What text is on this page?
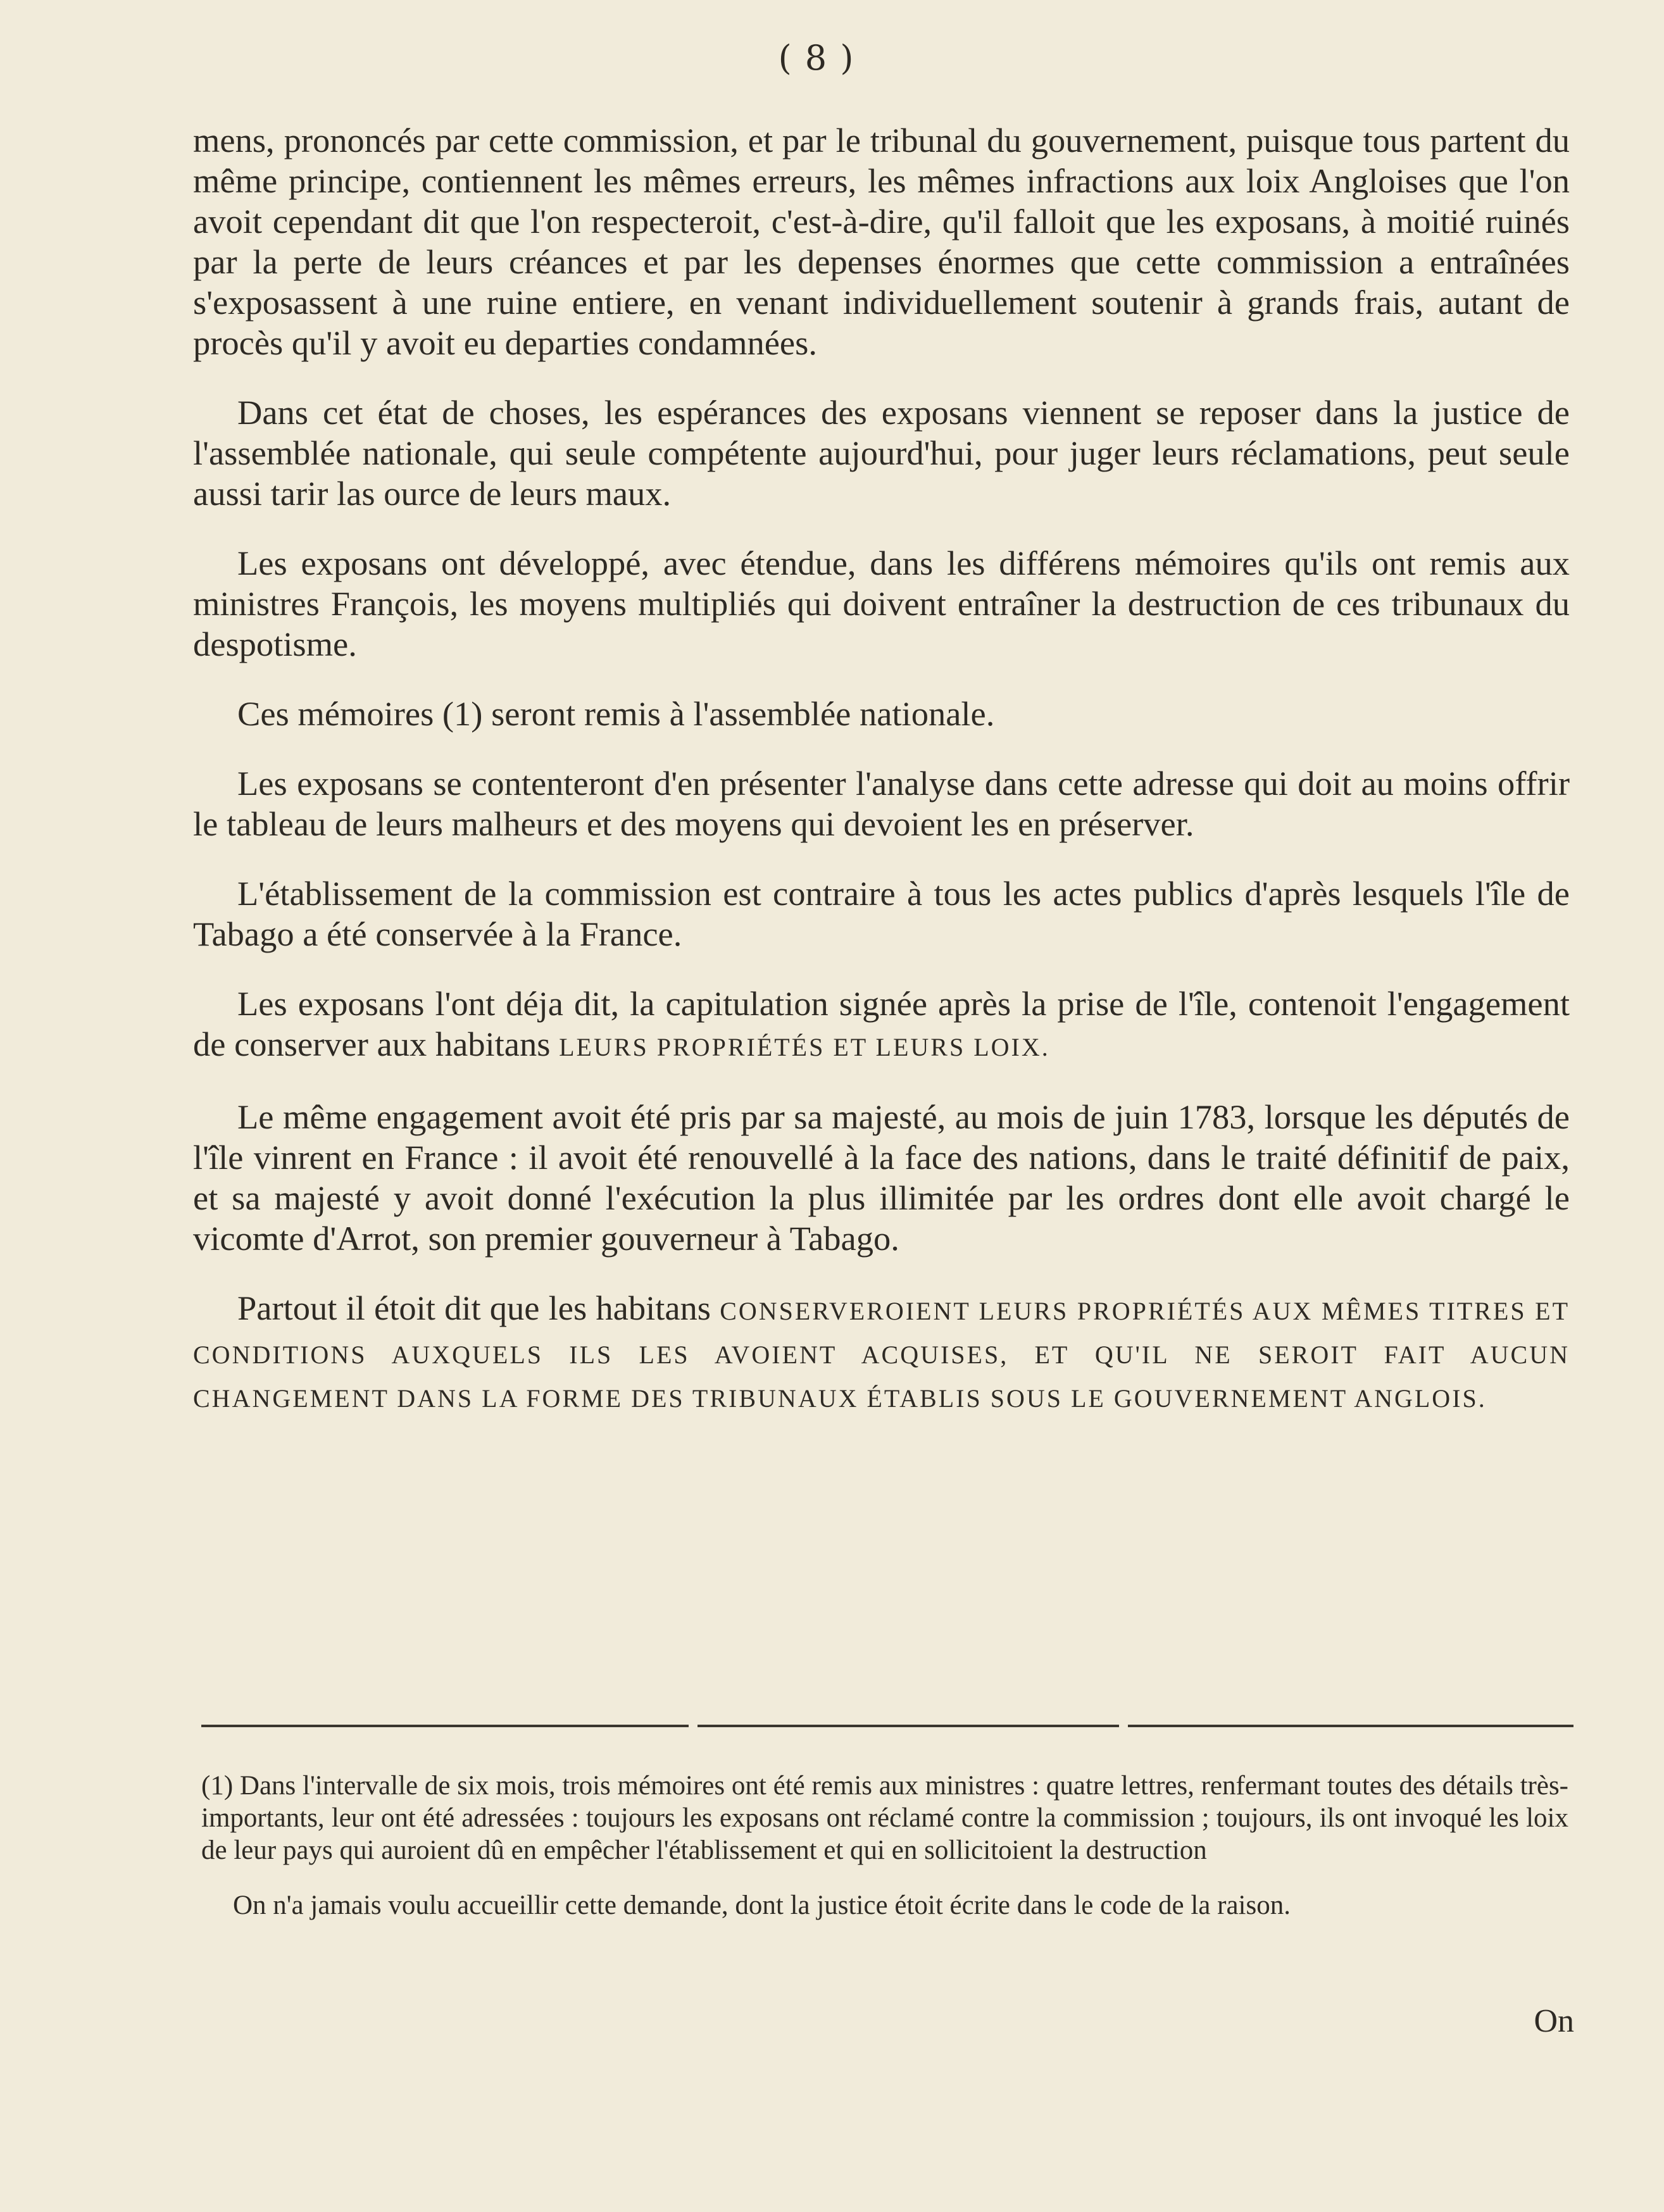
( 8 )

mens, prononcés par cette commission, et par le tribunal du gouvernement, puisque tous partent du même principe, contiennent les mêmes erreurs, les mêmes infractions aux loix Angloises que l'on avoit cependant dit que l'on respecteroit, c'est-à-dire, qu'il falloit que les exposans, à moitié ruinés par la perte de leurs créances et par les depenses énormes que cette commission a entraînées s'exposassent à une ruine entiere, en venant individuellement soutenir à grands frais, autant de procès qu'il y avoit eu departies condamnées.

Dans cet état de choses, les espérances des exposans viennent se reposer dans la justice de l'assemblée nationale, qui seule compétente aujourd'hui, pour juger leurs réclamations, peut seule aussi tarir las ource de leurs maux.

Les exposans ont développé, avec étendue, dans les différens mémoires qu'ils ont remis aux ministres François, les moyens multipliés qui doivent entraîner la destruction de ces tribunaux du despotisme.

Ces mémoires (1) seront remis à l'assemblée nationale.

Les exposans se contenteront d'en présenter l'analyse dans cette adresse qui doit au moins offrir le tableau de leurs malheurs et des moyens qui devoient les en préserver.

L'établissement de la commission est contraire à tous les actes publics d'après lesquels l'île de Tabago a été conservée à la France.

Les exposans l'ont déja dit, la capitulation signée après la prise de l'île, contenoit l'engagement de conserver aux habitans LEURS PROPRIÉTÉS ET LEURS LOIX.

Le même engagement avoit été pris par sa majesté, au mois de juin 1783, lorsque les députés de l'île vinrent en France : il avoit été renouvellé à la face des nations, dans le traité définitif de paix, et sa majesté y avoit donné l'exécution la plus illimitée par les ordres dont elle avoit chargé le vicomte d'Arrot, son premier gouverneur à Tabago.

Partout il étoit dit que les habitans CONSERVEROIENT LEURS PROPRIÉTÉS AUX MÊMES TITRES ET CONDITIONS AUXQUELS ILS LES AVOIENT ACQUISES, ET QU'IL NE SEROIT FAIT AUCUN CHANGEMENT DANS LA FORME DES TRIBUNAUX ÉTABLIS SOUS LE GOUVERNEMENT ANGLOIS.

(1) Dans l'intervalle de six mois, trois mémoires ont été remis aux ministres : quatre lettres, renfermant toutes des détails très-importants, leur ont été adressées : toujours les exposans ont réclamé contre la commission ; toujours, ils ont invoqué les loix de leur pays qui auroient dû en empêcher l'établissement et qui en sollicitoient la destruction

On n'a jamais voulu accueillir cette demande, dont la justice étoit écrite dans le code de la raison.

On
